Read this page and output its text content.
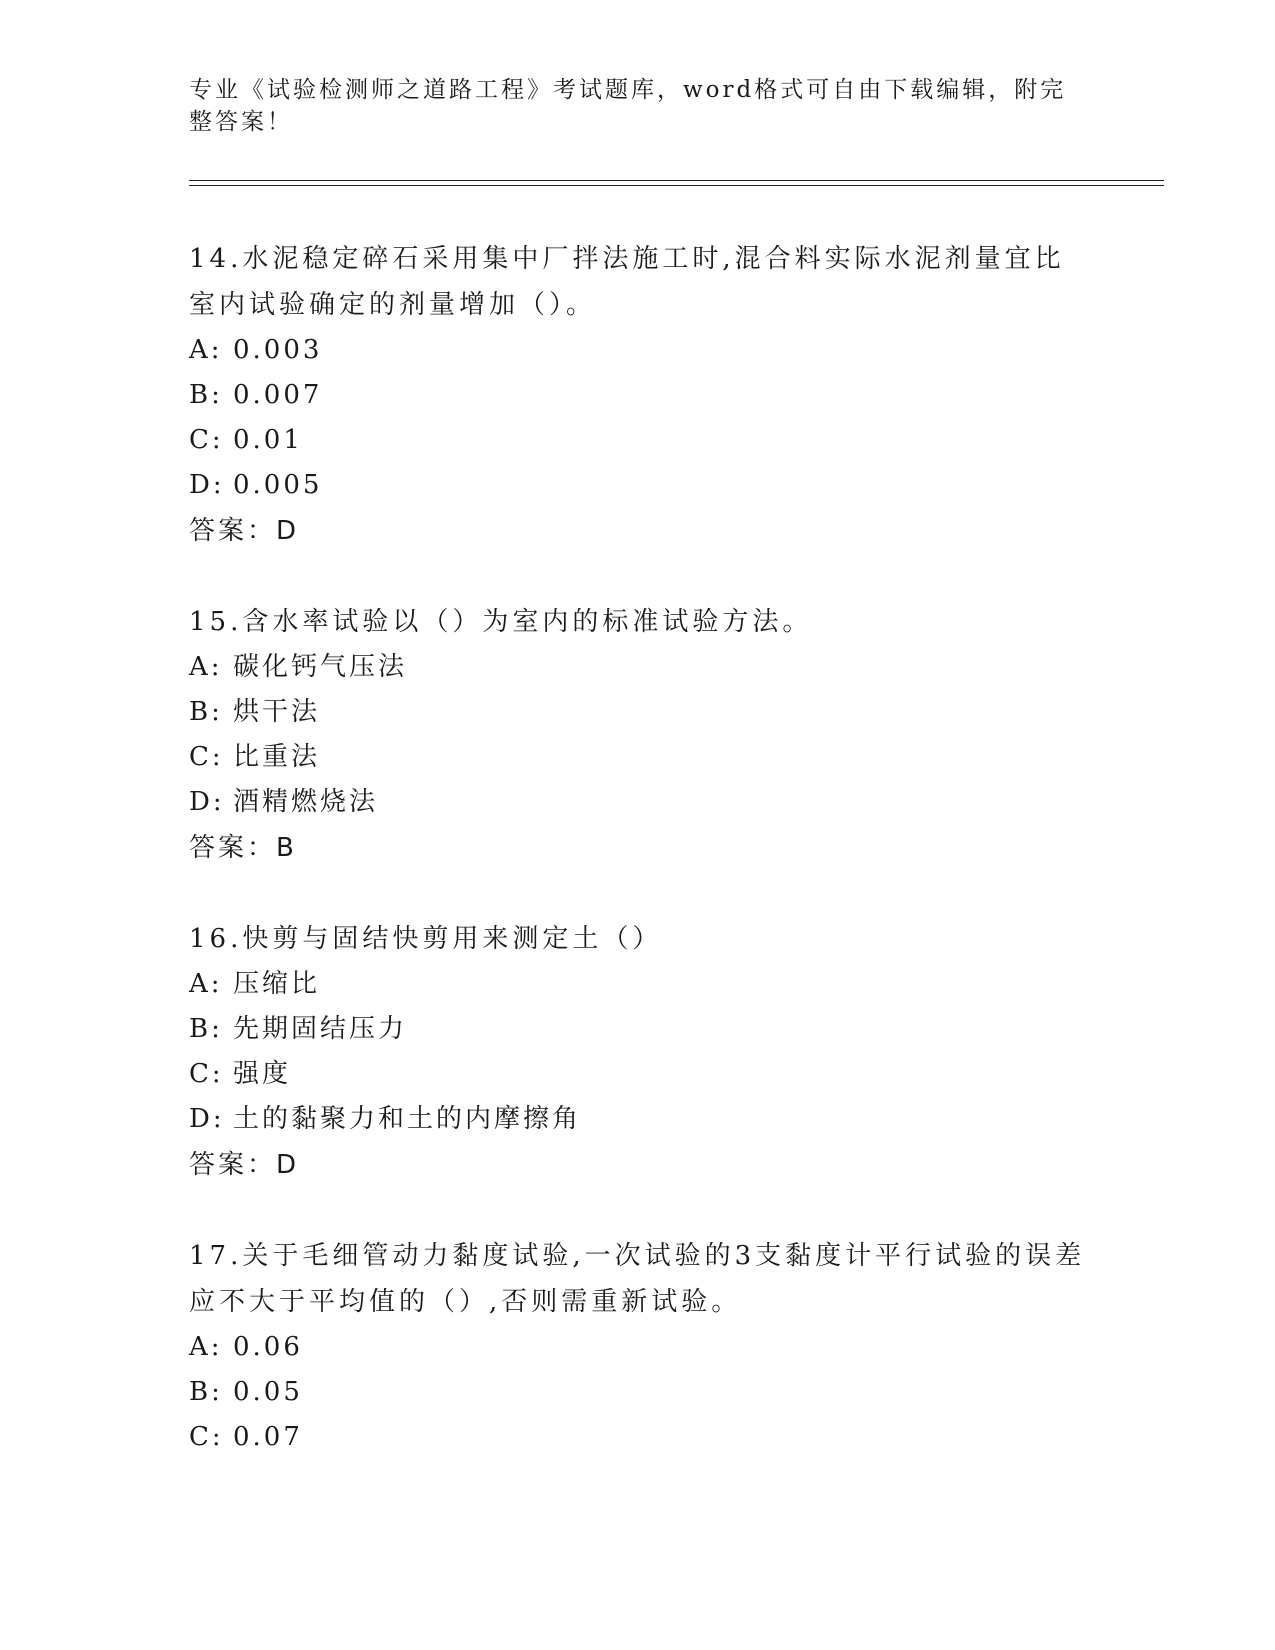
专业《试验检测师之道路工程》考试题库，word格式可自由下载编辑，附完整答案！

14.水泥稳定碎石采用集中厂拌法施工时,混合料实际水泥剂量宜比室内试验确定的剂量增加（）。

A: 0.003
B: 0.007
C: 0.01
D: 0.005
答案：D

15.含水率试验以（）为室内的标准试验方法。

A: 碳化钙气压法
B: 烘干法
C: 比重法
D: 酒精燃烧法
答案：B

16.快剪与固结快剪用来测定土（）

A: 压缩比
B: 先期固结压力
C: 强度
D: 土的黏聚力和土的内摩擦角
答案：D

17.关于毛细管动力黏度试验,一次试验的3支黏度计平行试验的误差应不大于平均值的（）,否则需重新试验。

A: 0.06
B: 0.05
C: 0.07
